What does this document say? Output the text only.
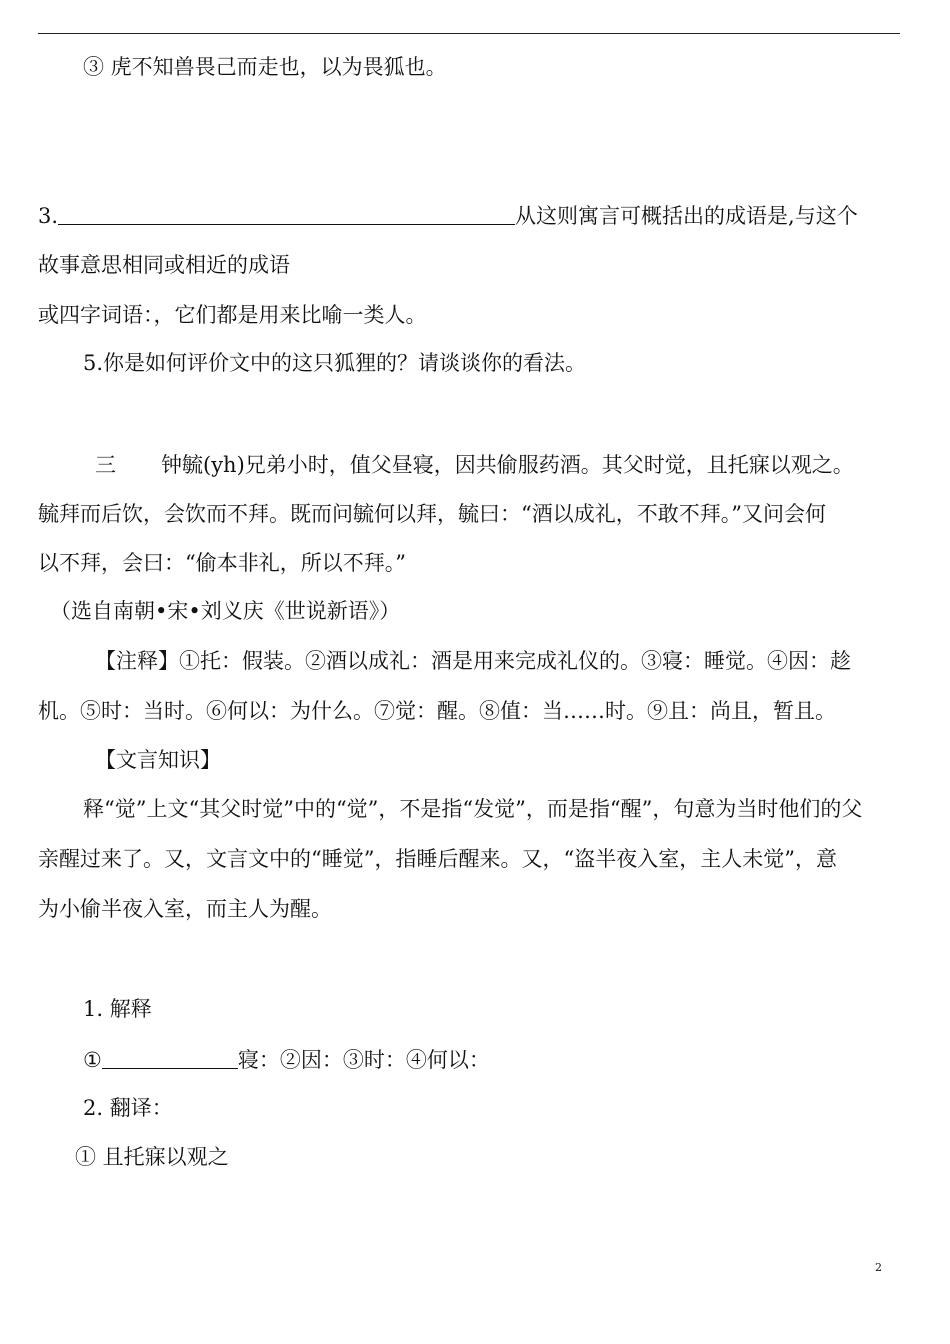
③ 虎不知兽畏己而走也，以为畏狐也。
3.	从这则寓言可概括出的成语是,与这个
故事意思相同或相近的成语
或四字词语：，它们都是用来比喻一类人。
5.你是如何评价文中的这只狐狸的？请谈谈你的看法。
三 钟毓(yh)兄弟小时，值父昼寝，因共偷服药酒。其父时觉，且托寐以观之。
毓拜而后饮，会饮而不拜。既而问毓何以拜，毓曰：“酒以成礼，不敢不拜。”又问会何
以不拜，会曰：“偷本非礼，所以不拜。”
（选自南朝•宋•刘义庆《世说新语》）
【注释】①托：假装。②酒以成礼：酒是用来完成礼仪的。③寝：睡觉。④因：趁
机。⑤时：当时。⑥何以：为什么。⑦觉：醒。⑧值：当……时。⑨且：尚且，暂且。
【文言知识】
释“觉”上文“其父时觉”中的“觉”，不是指“发觉”，而是指“醒”，句意为当时他们的父
亲醒过来了。又，文言文中的“睡觉”，指睡后醒来。又，“盗半夜入室，主人未觉”，意
为小偷半夜入室，而主人为醒。
1. 解释
①	寝：②因：③时：④何以：
2. 翻译：
① 且托寐以观之
2
